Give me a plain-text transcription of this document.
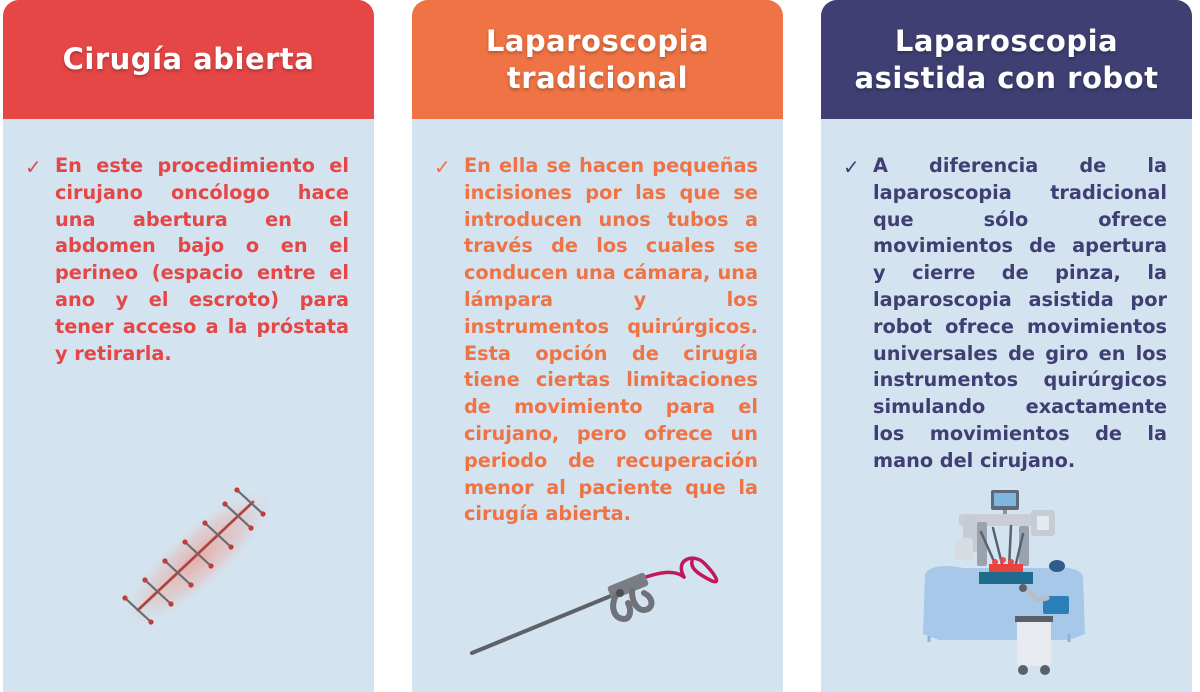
Cirugía abierta
✓ En este procedimiento el cirujano oncólogo hace una abertura en el abdomen bajo o en el perineo (espacio entre el ano y el escroto) para tener acceso a la próstata y retirarla.

Laparoscopia tradicional
✓ En ella se hacen pequeñas incisiones por las que se introducen unos tubos a través de los cuales se conducen una cámara, una lámpara y los instrumentos quirúrgicos. Esta opción de cirugía tiene ciertas limitaciones de movimiento para el cirujano, pero ofrece un periodo de recuperación menor al paciente que la cirugía abierta.

Laparoscopia asistida con robot
✓ A diferencia de la laparoscopia tradicional que sólo ofrece movimientos de apertura y cierre de pinza, la laparoscopia asistida por robot ofrece movimientos universales de giro en los instrumentos quirúrgicos simulando exactamente los movimientos de la mano del cirujano.
